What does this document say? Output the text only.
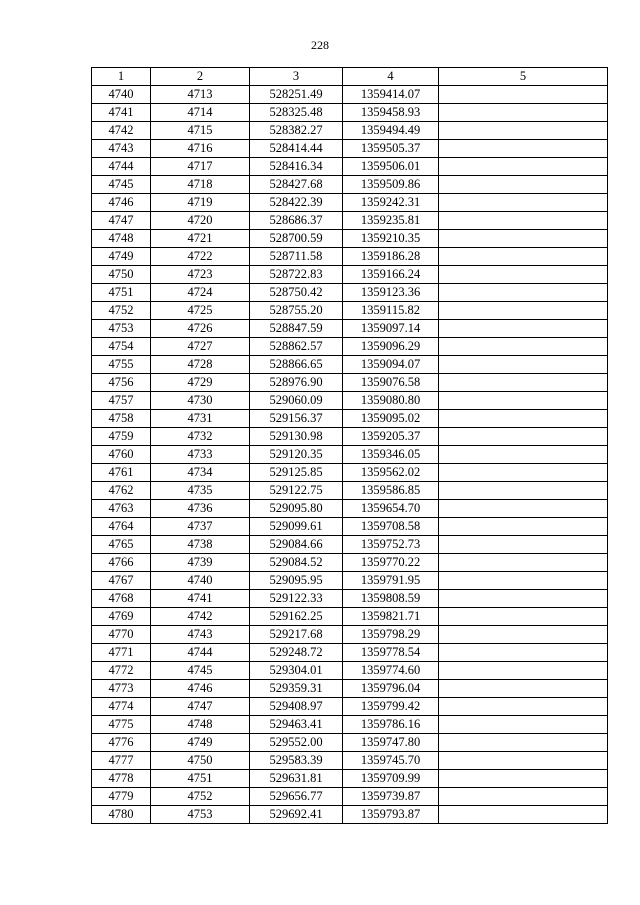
228
1	2	3	4	5
4740	4713	528251.49	1359414.07	
4741	4714	528325.48	1359458.93	
4742	4715	528382.27	1359494.49	
4743	4716	528414.44	1359505.37	
4744	4717	528416.34	1359506.01	
4745	4718	528427.68	1359509.86	
4746	4719	528422.39	1359242.31	
4747	4720	528686.37	1359235.81	
4748	4721	528700.59	1359210.35	
4749	4722	528711.58	1359186.28	
4750	4723	528722.83	1359166.24	
4751	4724	528750.42	1359123.36	
4752	4725	528755.20	1359115.82	
4753	4726	528847.59	1359097.14	
4754	4727	528862.57	1359096.29	
4755	4728	528866.65	1359094.07	
4756	4729	528976.90	1359076.58	
4757	4730	529060.09	1359080.80	
4758	4731	529156.37	1359095.02	
4759	4732	529130.98	1359205.37	
4760	4733	529120.35	1359346.05	
4761	4734	529125.85	1359562.02	
4762	4735	529122.75	1359586.85	
4763	4736	529095.80	1359654.70	
4764	4737	529099.61	1359708.58	
4765	4738	529084.66	1359752.73	
4766	4739	529084.52	1359770.22	
4767	4740	529095.95	1359791.95	
4768	4741	529122.33	1359808.59	
4769	4742	529162.25	1359821.71	
4770	4743	529217.68	1359798.29	
4771	4744	529248.72	1359778.54	
4772	4745	529304.01	1359774.60	
4773	4746	529359.31	1359796.04	
4774	4747	529408.97	1359799.42	
4775	4748	529463.41	1359786.16	
4776	4749	529552.00	1359747.80	
4777	4750	529583.39	1359745.70	
4778	4751	529631.81	1359709.99	
4779	4752	529656.77	1359739.87	
4780	4753	529692.41	1359793.87	
